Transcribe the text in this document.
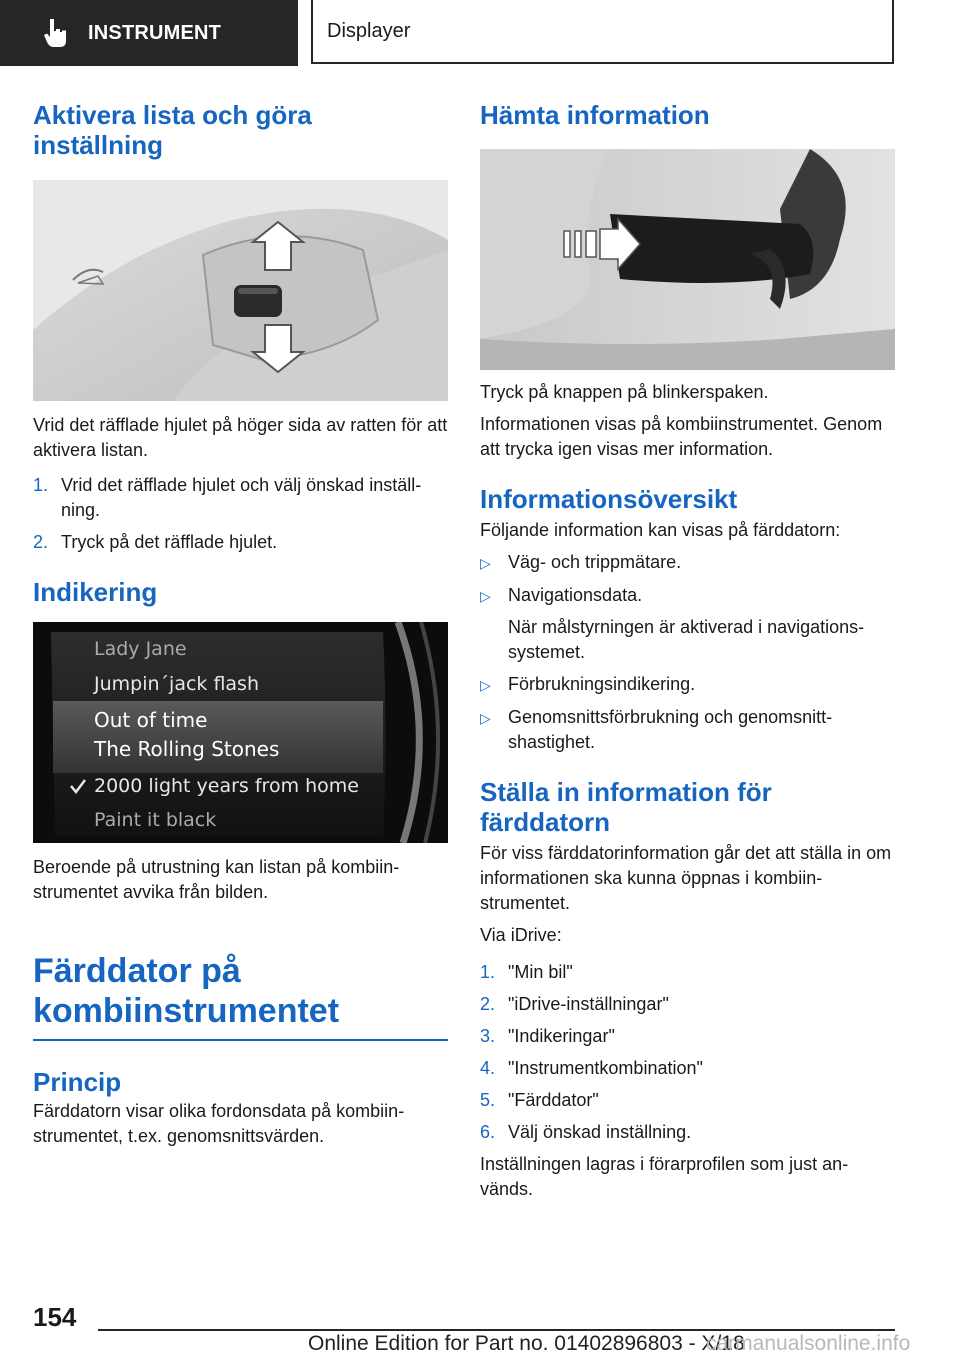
INSTRUMENT	Displayer
Aktivera lista och göra inställning

Vrid det räfflade hjulet på höger sida av ratten för att aktivera listan.

1. Vrid det räfflade hjulet och välj önskad inställning.
2. Tryck på det räfflade hjulet.
Indikering
Lady Jane
Jumpin´jack flash
Out of time
The Rolling Stones
2000 light years from home
Paint it black

Beroende på utrustning kan listan på kombiinstrumentet avvika från bilden.

Färddator på kombiinstrumentet
Princip

Färddatorn visar olika fordonsdata på kombiinstrumentet, t.ex. genomsnittsvärden.

Hämta information

Tryck på knappen på blinkerspaken.

Informationen visas på kombiinstrumentet. Genom att trycka igen visas mer information.

Informationsöversikt

Följande information kan visas på färddatorn:

▷ Väg- och trippmätare.
▷ Navigationsdata.
När målstyrningen är aktiverad i navigationssystemet.
▷ Förbrukningsindikering.
▷ Genomsnittsförbrukning och genomsnittshastighet.
Ställa in information för färddatorn

För viss färddatorinformation går det att ställa in om informationen ska kunna öppnas i kombiinstrumentet.

Via iDrive:

1. "Min bil"
2. "iDrive-inställningar"
3. "Indikeringar"
4. "Instrumentkombination"
5. "Färddator"
6. Välj önskad inställning.

Inställningen lagras i förarprofilen som just används.

154
Online Edition for Part no. 01402896803 - X/18
carmanualsonline.info
